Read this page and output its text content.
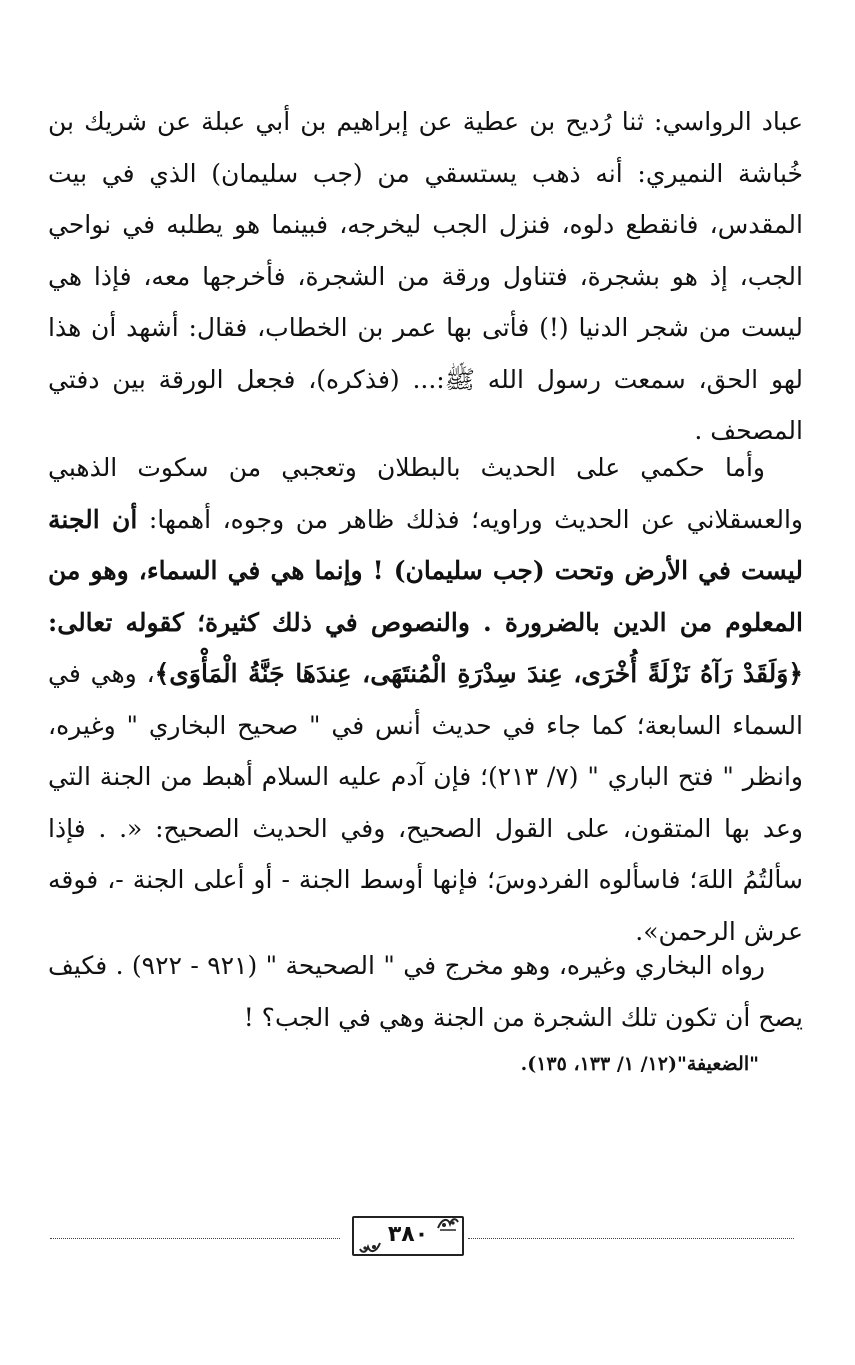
عباد الرواسي: ثنا رُديح بن عطية عن إبراهيم بن أبي عبلة عن شريك بن خُباشة النميري: أنه ذهب يستسقي من (جب سليمان) الذي في بيت المقدس، فانقطع دلوه، فنزل الجب ليخرجه، فبينما هو يطلبه في نواحي الجب، إذ هو بشجرة، فتناول ورقة من الشجرة، فأخرجها معه، فإذا هي ليست من شجر الدنيا (!) فأتى بها عمر بن الخطاب، فقال: أشهد أن هذا لهو الحق، سمعت رسول الله ﷺ:... (فذكره)، فجعل الورقة بين دفتي المصحف .

وأما حكمي على الحديث بالبطلان وتعجبي من سكوت الذهبي والعسقلاني عن الحديث وراويه؛ فذلك ظاهر من وجوه، أهمها: أن الجنة ليست في الأرض وتحت (جب سليمان) ! وإنما هي في السماء، وهو من المعلوم من الدين بالضرورة . والنصوص في ذلك كثيرة؛ كقوله تعالى: ﴿وَلَقَدْ رَآهُ نَزْلَةً أُخْرَى، عِندَ سِدْرَةِ الْمُنتَهَى، عِندَهَا جَنَّةُ الْمَأْوَى﴾، وهي في السماء السابعة؛ كما جاء في حديث أنس في " صحيح البخاري " وغيره، وانظر " فتح الباري " (٧/ ٢١٣)؛ فإن آدم عليه السلام أهبط من الجنة التي وعد بها المتقون، على القول الصحيح، وفي الحديث الصحيح: «. . فإذا سألتُمُ اللهَ؛ فاسألوه الفردوسَ؛ فإنها أوسط الجنة - أو أعلى الجنة -، فوقه عرش الرحمن».

رواه البخاري وغيره، وهو مخرج في " الصحيحة " (٩٢١ - ٩٢٢) . فكيف يصح أن تكون تلك الشجرة من الجنة وهي في الجب؟ !

"الضعيفة"(١٢/ ١/ ١٣٣، ١٣٥).
٣٨٠
